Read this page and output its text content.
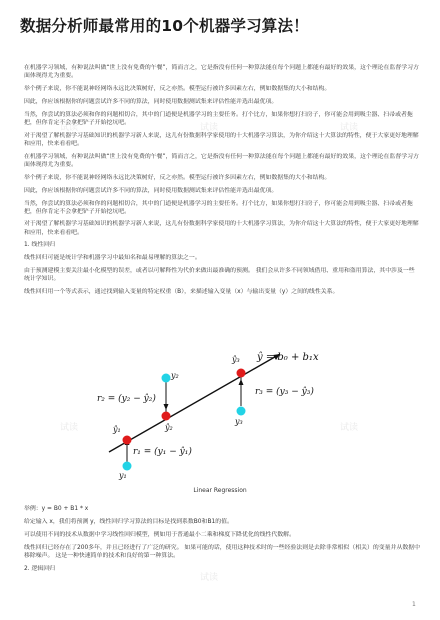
试读	试读	试读
试读
试读
试读
数据分析师最常⽤的10个机器学习算法！

在机器学习领域，有种说法叫做“世上没有免费的午餐”，简而言之，它是指没有任何⼀种算法能在每个问题上都能有最好的效果，这个理论在监督学习方面体现得尤为重要。

举个例⼦来说，你不能说神经⽹络永远⽐决策树好，反之亦然。模型运⾏被许多因素左右，例如数据集的⼤⼩和结构。

因此，你应该根据你的问题尝试许多不同的算法，同时使⽤数据测试集来评估性能并选出最优项。

当然，你尝试的算法必须和你的问题相切合，其中的⻔道便是机器学习的主要任务。打个⽐⽅，如果你想打扫房⼦，你可能会⽤到吸尘器、扫帚或者拖把，但你肯定不会拿把铲⼦开始挖坑吧。

对于渴望了解机器学习基础知识的机器学习新⼈来说，这⼉有份数据科学家使⽤的⼗⼤机器学习算法，为你介绍这⼗⼤算法的特性，便于⼤家更好地理解和应⽤，快来看看吧。

在机器学习领域，有种说法叫做“世上没有免费的午餐”，简而言之，它是指没有任何⼀种算法能在每个问题上都能有最好的效果，这个理论在监督学习方面体现得尤为重要。

举个例⼦来说，你不能说神经⽹络永远⽐决策树好，反之亦然。模型运⾏被许多因素左右，例如数据集的⼤⼩和结构。

因此，你应该根据你的问题尝试许多不同的算法，同时使⽤数据测试集来评估性能并选出最优项。

当然，你尝试的算法必须和你的问题相切合，其中的⻔道便是机器学习的主要任务。打个⽐⽅，如果你想打扫房⼦，你可能会⽤到吸尘器、扫帚或者拖把，但你肯定不会拿把铲⼦开始挖坑吧。

对于渴望了解机器学习基础知识的机器学习新⼈来说，这⼉有份数据科学家使⽤的⼗⼤机器学习算法，为你介绍这⼗⼤算法的特性，便于⼤家更好地理解和应⽤，快来看看吧。

1. 线性回归

线性回归可能是统计学和机器学习中最知名和最易理解的算法之⼀。

由于预测建模主要关注最⼩化模型的误差，或者以可解释性为代价来做出最准确的预测。 我们会从许多不同领域借⽤、重⽤和盗⽤算法，其中涉及⼀些统计学知识。

线性回归⽤⼀个等式表示，通过找到输⼊变量的特定权重（B），来描述输⼊变量（x）与输出变量（y）之间的线性关系。

ŷ = b₀ + b₁x
r₁ = (y₁ − ŷ₁)
r₂ = (y₂ − ŷ₂)
r₃ = (y₃ − ŷ₃)
y₁
y₂
y₃
ŷ₁	ŷ₂
ŷ₃
Linear Regression

举例：y = B0 + B1 * x

给定输⼊ x，我们将预测 y，线性回归学习算法的⽬标是找到系数B0和B1的值。

可以使⽤不同的技术从数据中学习线性回归模型，例如⽤于普通最⼩⼆乘和梯度下降优化的线性代数解。

线性回归已经存在了200多年，并且已经进⾏了⼴泛的研究。 如果可能的话，使⽤这种技术时的⼀些经验法则是去除非常相似（相关）的变量并从数据中移除噪声。 这是⼀种快速简单的技术和良好的第⼀种算法。

2. 逻辑回归

1
